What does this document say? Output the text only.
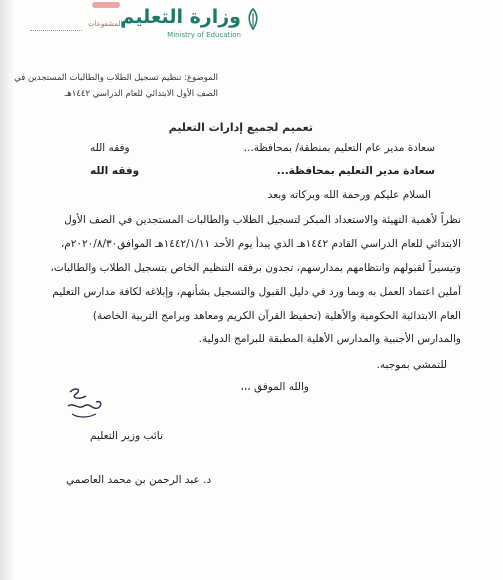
المشفوعات
وزارة التعليم
Ministry of Education
الموضوع: تنظيم تسجيل الطلاب والطالبات المستجدين في
الصف الأول الابتدائي للعام الدراسي ١٤٤٢هـ
تعميم لجميع إدارات التعليم
سعادة مدير عام التعليم بمنطقة/ بمحافظة...
وفقه الله
سعادة مدير التعليم بمحافظة...
وفقه الله
السلام عليكم ورحمة الله وبركاته وبعد
نظراً لأهمية التهيئة والاستعداد المبكر لتسجيل الطلاب والطالبات المستجدين في الصف الأول
الابتدائي للعام الدراسي القادم ١٤٤٢هـ الذي يبدأ يوم الأحد ١٤٤٢/١/١١هـ الموافق٢٠٢٠/٨/٣٠م،
وتيسيراً لقبولهم وانتظامهم بمدارسهم، تجدون برفقه التنظيم الخاص بتسجيل الطلاب والطالبات،
آملين اعتماد العمل به وبما ورد في دليل القبول والتسجيل بشأنهم، وإبلاغه لكافة مدارس التعليم
العام الابتدائية الحكومية والأهلية (تحفيظ القرآن الكريم ومعاهد وبرامج التربية الخاصة)
والمدارس الأجنبية والمدارس الأهلية المطبقة للبرامج الدولية.
للتمشي بموجبه.
والله الموفق ،،،
نائب وزير التعليم
د. عبد الرحمن بن محمد العاصمي
